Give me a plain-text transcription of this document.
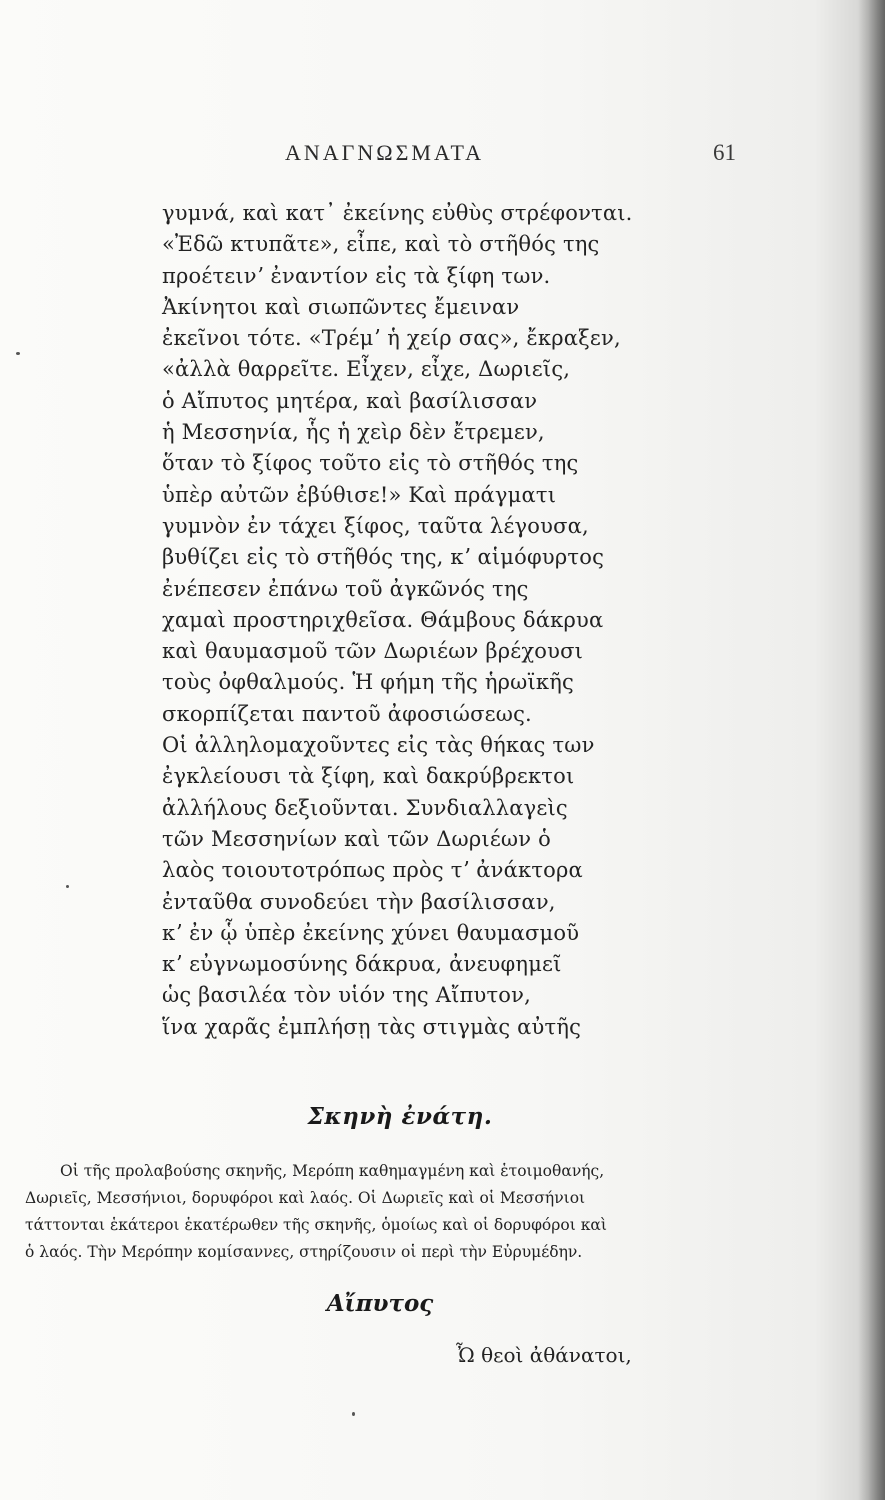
ΑΝΑΓΝΩΣΜΑΤΑ	61
γυμνά, καὶ κατ᾽ ἐκείνης εὐθὺς στρέφονται.
«Ἐδῶ κτυπᾶτε», εἶπε, καὶ τὸ στῆθός της
προέτεινʼ ἐναντίον εἰς τὰ ξίφη των.
Ἀκίνητοι καὶ σιωπῶντες ἔμειναν
ἐκεῖνοι τότε. «Τρέμʼ ἡ χείρ σας», ἔκραξεν,
«ἀλλὰ θαρρεῖτε. Εἶχεν, εἶχε, Δωριεῖς,
ὁ Αἴπυτος μητέρα, καὶ βασίλισσαν
ἡ Μεσσηνία, ἧς ἡ χεὶρ δὲν ἔτρεμεν,
ὅταν τὸ ξίφος τοῦτο εἰς τὸ στῆθός της
ὑπὲρ αὐτῶν ἐβύθισε!» Καὶ πράγματι
γυμνὸν ἐν τάχει ξίφος, ταῦτα λέγουσα,
βυθίζει εἰς τὸ στῆθός της, κʼ αἱμόφυρτος
ἐνέπεσεν ἐπάνω τοῦ ἀγκῶνός της
χαμαὶ προστηριχθεῖσα. Θάμβους δάκρυα
καὶ θαυμασμοῦ τῶν Δωριέων βρέχουσι
τοὺς ὀφθαλμούς. Ἡ φήμη τῆς ἡρωϊκῆς
σκορπίζεται παντοῦ ἀφοσιώσεως.
Οἱ ἀλληλομαχοῦντες εἰς τὰς θήκας των
ἐγκλείουσι τὰ ξίφη, καὶ δακρύβρεκτοι
ἀλλήλους δεξιοῦνται. Συνδιαλλαγεὶς
τῶν Μεσσηνίων καὶ τῶν Δωριέων ὁ
λαὸς τοιουτοτρόπως πρὸς τʼ ἀνάκτορα
ἐνταῦθα συνοδεύει τὴν βασίλισσαν,
κʼ ἐν ᾧ ὑπὲρ ἐκείνης χύνει θαυμασμοῦ
κʼ εὐγνωμοσύνης δάκρυα, ἀνευφημεῖ
ὡς βασιλέα τὸν υἱόν της Αἴπυτον,
ἵνα χαρᾶς ἐμπλήσῃ τὰς στιγμὰς αὐτῆς
Σκηνὴ ἐνάτη.
Οἱ τῆς προλαβούσης σκηνῆς, Μερόπη καθημαγμένη καὶ ἑτοιμοθανής,
Δωριεῖς, Μεσσήνιοι, δορυφόροι καὶ λαός. Οἱ Δωριεῖς καὶ οἱ Μεσσήνιοι
τάττονται ἑκάτεροι ἑκατέρωθεν τῆς σκηνῆς, ὁμοίως καὶ οἱ δορυφόροι καὶ
ὁ λαός. Τὴν Μερόπην κομίσαννες, στηρίζουσιν οἱ περὶ τὴν Εὐρυμέδην.
Αἴπυτος
Ὦ θεοὶ ἀθάνατοι,
